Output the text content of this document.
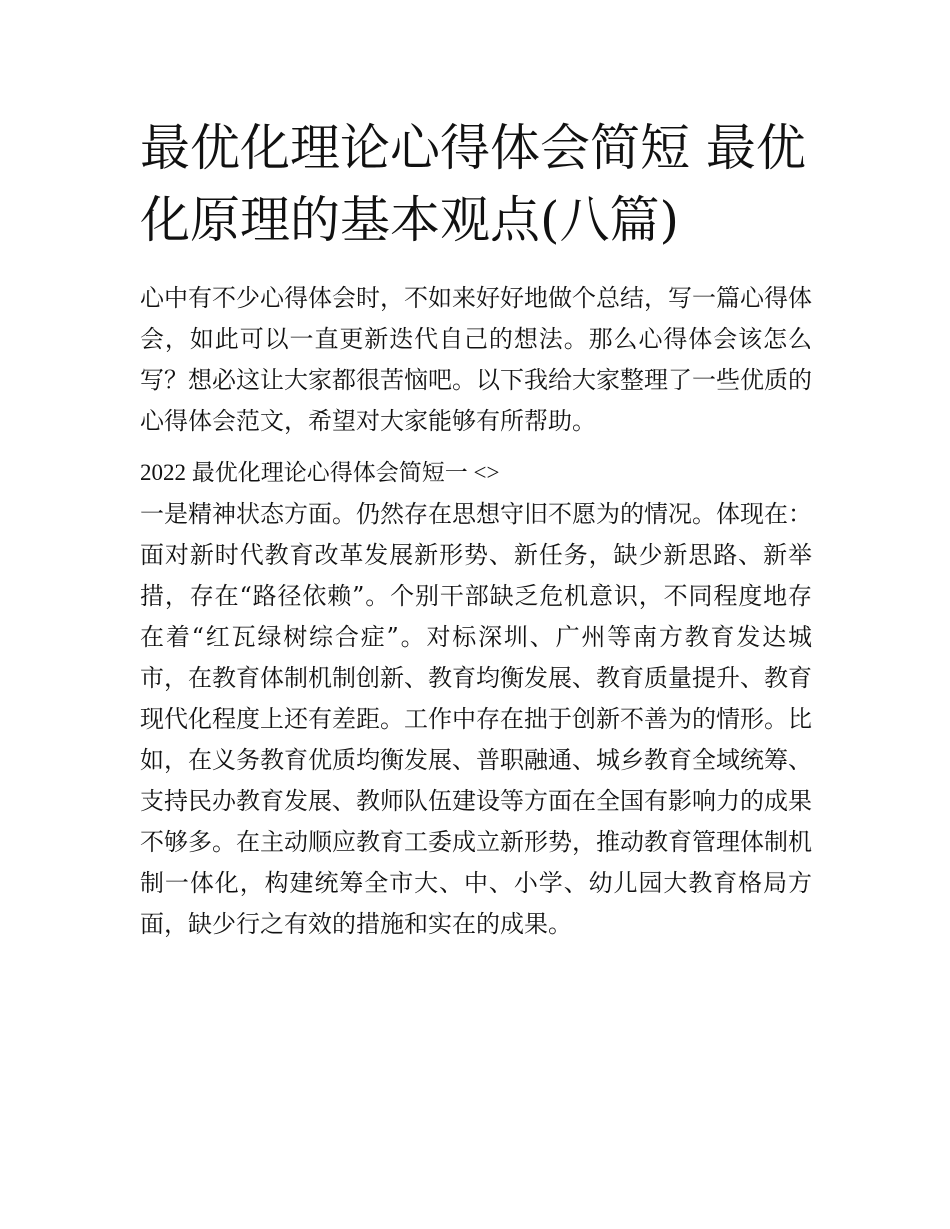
最优化理论心得体会简短 最优化原理的基本观点(八篇)

心中有不少心得体会时，不如来好好地做个总结，写一篇心得体会，如此可以一直更新迭代自己的想法。那么心得体会该怎么写？想必这让大家都很苦恼吧。以下我给大家整理了一些优质的心得体会范文，希望对大家能够有所帮助。

2022 最优化理论心得体会简短一 <>

一是精神状态方面。仍然存在思想守旧不愿为的情况。体现在：面对新时代教育改革发展新形势、新任务，缺少新思路、新举措，存在“路径依赖”。个别干部缺乏危机意识，不同程度地存在着“红瓦绿树综合症”。对标深圳、广州等南方教育发达城市，在教育体制机制创新、教育均衡发展、教育质量提升、教育现代化程度上还有差距。工作中存在拙于创新不善为的情形。比如，在义务教育优质均衡发展、普职融通、城乡教育全域统筹、支持民办教育发展、教师队伍建设等方面在全国有影响力的成果不够多。在主动顺应教育工委成立新形势，推动教育管理体制机制一体化，构建统筹全市大、中、小学、幼儿园大教育格局方面，缺少行之有效的措施和实在的成果。
